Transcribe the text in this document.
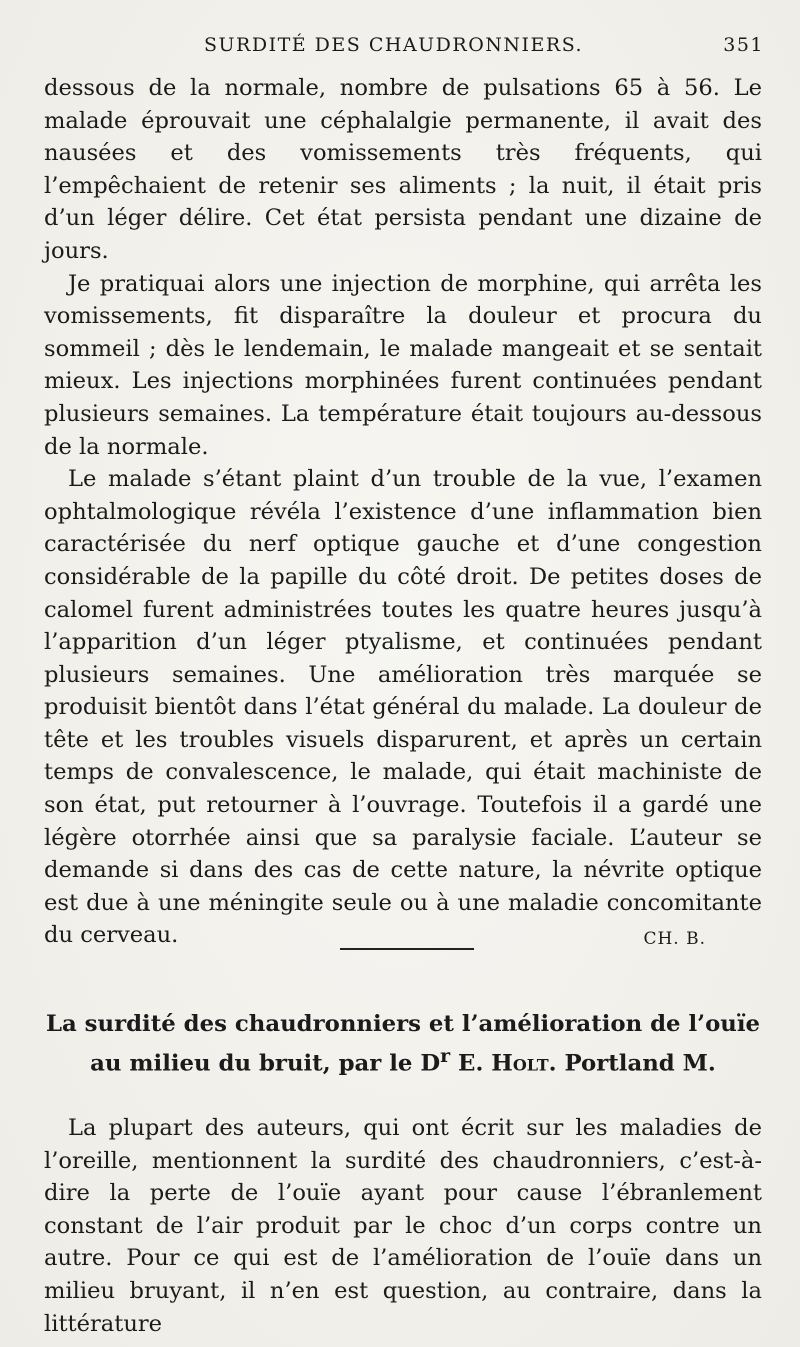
SURDITÉ DES CHAUDRONNIERS.	351

dessous de la normale, nombre de pulsations 65 à 56. Le malade éprouvait une céphalalgie permanente, il avait des nausées et des vomissements très fréquents, qui l’empêchaient de retenir ses aliments ; la nuit, il était pris d’un léger délire. Cet état persista pendant une dizaine de jours.

Je pratiquai alors une injection de morphine, qui arrêta les vomissements, fit disparaître la douleur et procura du sommeil ; dès le lendemain, le malade mangeait et se sentait mieux. Les injections morphinées furent continuées pendant plusieurs semaines. La température était toujours au-dessous de la normale.

Le malade s’étant plaint d’un trouble de la vue, l’examen ophtalmologique révéla l’existence d’une inflammation bien caractérisée du nerf optique gauche et d’une congestion considérable de la papille du côté droit. De petites doses de calomel furent administrées toutes les quatre heures jusqu’à l’apparition d’un léger ptyalisme, et continuées pendant plusieurs semaines. Une amélioration très marquée se produisit bientôt dans l’état général du malade. La douleur de tête et les troubles visuels disparurent, et après un certain temps de convalescence, le malade, qui était machiniste de son état, put retourner à l’ouvrage. Toutefois il a gardé une légère otorrhée ainsi que sa paralysie faciale. L’auteur se demande si dans des cas de cette nature, la névrite optique est due à une méningite seule ou à une maladie concomitante du cerveau.	CH. B.

La surdité des chaudronniers et l’amélioration de l’ouïe
au milieu du bruit, par le $D^r$ E. Holt. Portland M.

La plupart des auteurs, qui ont écrit sur les maladies de l’oreille, mentionnent la surdité des chaudronniers, c’est-à-dire la perte de l’ouïe ayant pour cause l’ébranlement constant de l’air produit par le choc d’un corps contre un autre. Pour ce qui est de l’amélioration de l’ouïe dans un milieu bruyant, il n’en est question, au contraire, dans la littérature
